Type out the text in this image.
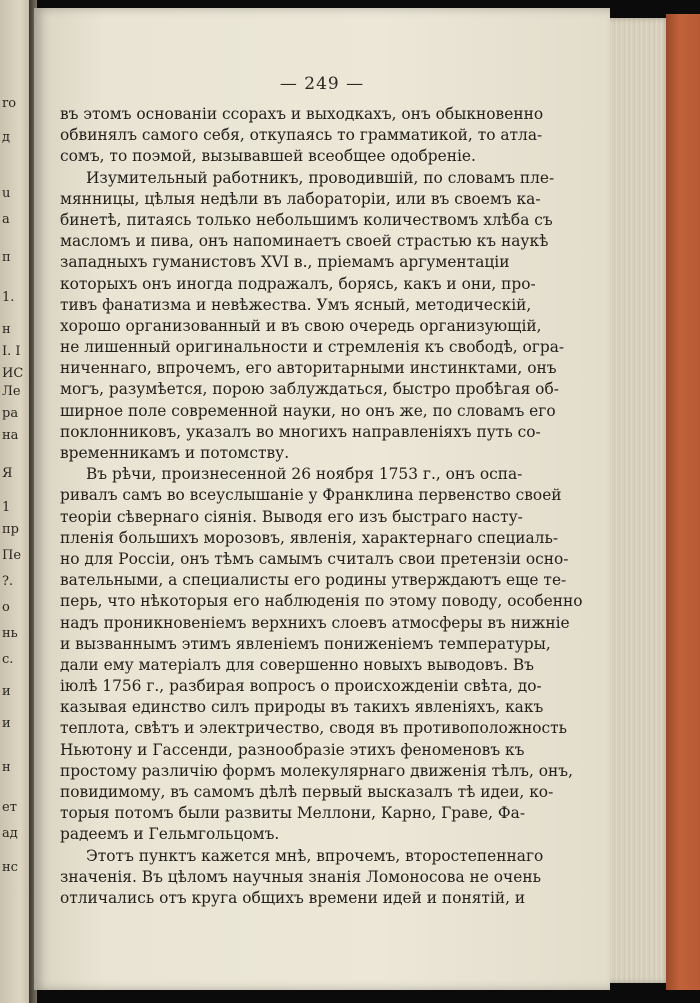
ro
д
u
а
п
1.
н
I. I
ИС
Ле
ра
на
Я
1
пр
Пе
?.
о
нь
с.
и
и
н
ет
ад
нс
— 249 —
въ этомъ основаніи ссорахъ и выходкахъ, онъ обыкновенно
обвинялъ самого себя, откупаясь то грамматикой, то атла-
сомъ, то поэмой, вызывавшей всеобщее одобреніе.
Изумительный работникъ, проводившій, по словамъ пле-
мянницы, цѣлыя недѣли въ лабораторіи, или въ своемъ ка-
бинетѣ, питаясь только небольшимъ количествомъ хлѣба съ
масломъ и пива, онъ напоминаетъ своей страстью къ наукѣ
западныхъ гуманистовъ XVI в., пріемамъ аргументаціи
которыхъ онъ иногда подражалъ, борясь, какъ и они, про-
тивъ фанатизма и невѣжества. Умъ ясный, методическій,
хорошо организованный и въ свою очередь организующій,
не лишенный оригинальности и стремленія къ свободѣ, огра-
ниченнаго, впрочемъ, его авторитарными инстинктами, онъ
могъ, разумѣется, порою заблуждаться, быстро пробѣгая об-
ширное поле современной науки, но онъ же, по словамъ его
поклонниковъ, указалъ во многихъ направленіяхъ путь со-
временникамъ и потомству.
Въ рѣчи, произнесенной 26 ноября 1753 г., онъ оспа-
ривалъ самъ во всеуслышаніе у Франклина первенство своей
теоріи сѣвернаго сіянія. Выводя его изъ быстраго насту-
пленія большихъ морозовъ, явленія, характернаго специаль-
но для Россіи, онъ тѣмъ самымъ считалъ свои претензіи осно-
вательными, а специалисты его родины утверждаютъ еще те-
перь, что нѣкоторыя его наблюденія по этому поводу, особенно
надъ проникновеніемъ верхнихъ слоевъ атмосферы въ нижніе
и вызваннымъ этимъ явленіемъ пониженіемъ температуры,
дали ему матеріалъ для совершенно новыхъ выводовъ. Въ
іюлѣ 1756 г., разбирая вопросъ о происхожденіи свѣта, до-
казывая единство силъ природы въ такихъ явленіяхъ, какъ
теплота, свѣтъ и электричество, сводя въ противоположность
Ньютону и Гассенди, разнообразіе этихъ феноменовъ къ
простому различію формъ молекулярнаго движенія тѣлъ, онъ,
повидимому, въ самомъ дѣлѣ первый высказалъ тѣ идеи, ко-
торыя потомъ были развиты Меллони, Карно, Граве, Фа-
радеемъ и Гельмгольцомъ.
Этотъ пунктъ кажется мнѣ, впрочемъ, второстепеннаго
значенія. Въ цѣломъ научныя знанія Ломоносова не очень
отличались отъ круга общихъ времени идей и понятій, и
